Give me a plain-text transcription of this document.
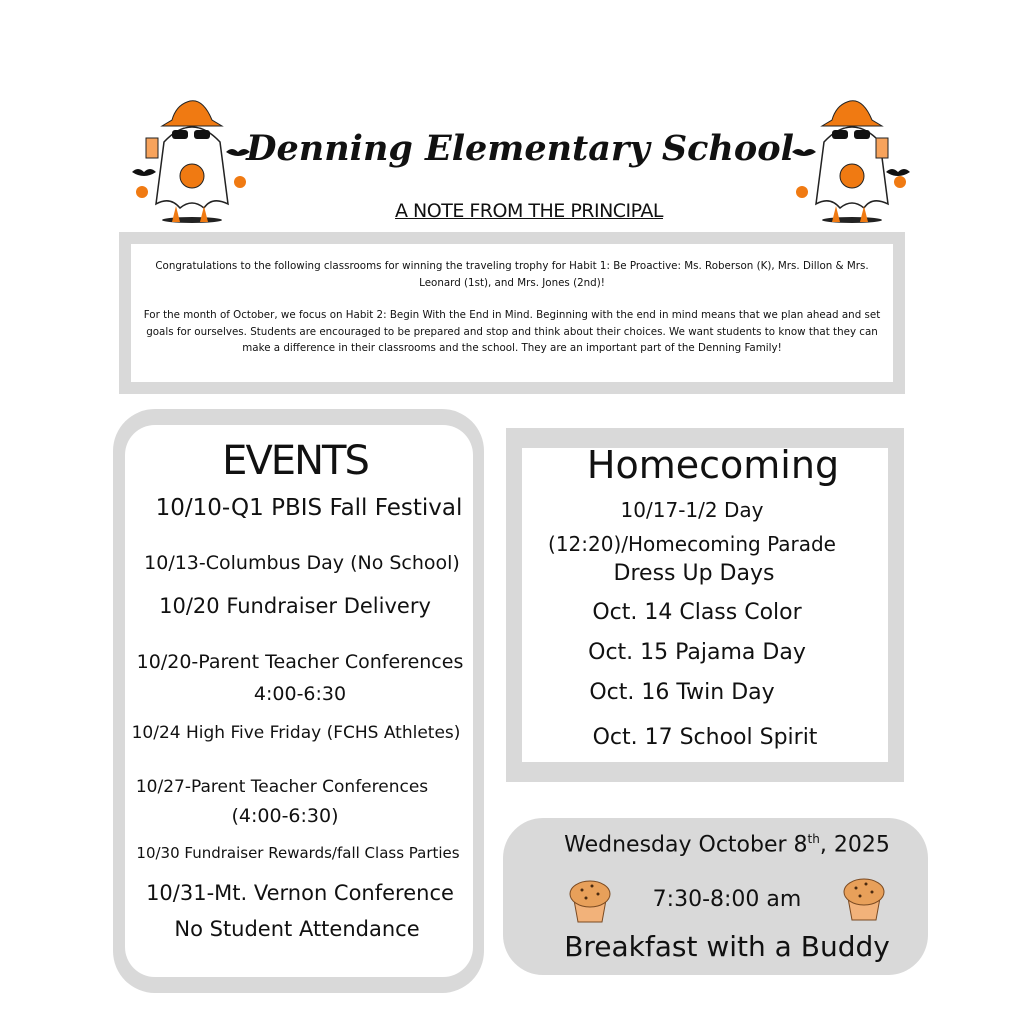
Denning Elementary School
A NOTE FROM THE PRINCIPAL

Congratulations to the following classrooms for winning the traveling trophy for Habit 1: Be Proactive: Ms. Roberson (K), Mrs. Dillon & Mrs. Leonard (1st), and Mrs. Jones (2nd)!

For the month of October, we focus on Habit 2: Begin With the End in Mind. Beginning with the end in mind means that we plan ahead and set goals for ourselves. Students are encouraged to be prepared and stop and think about their choices. We want students to know that they can make a difference in their classrooms and the school. They are an important part of the Denning Family!

EVENTS
10/10-Q1 PBIS Fall Festival
10/13-Columbus Day (No School)
10/20 Fundraiser Delivery
10/20-Parent Teacher Conferences
4:00-6:30
10/24 High Five Friday (FCHS Athletes)
10/27-Parent Teacher Conferences
(4:00-6:30)
10/30 Fundraiser Rewards/fall Class Parties
10/31-Mt. Vernon Conference
No Student Attendance
Homecoming
10/17-1/2 Day
(12:20)/Homecoming Parade
Dress Up Days
Oct. 14 Class Color
Oct. 15 Pajama Day
Oct. 16 Twin Day
Oct. 17 School Spirit
Wednesday October 8th, 2025
7:30-8:00 am
Breakfast with a Buddy
